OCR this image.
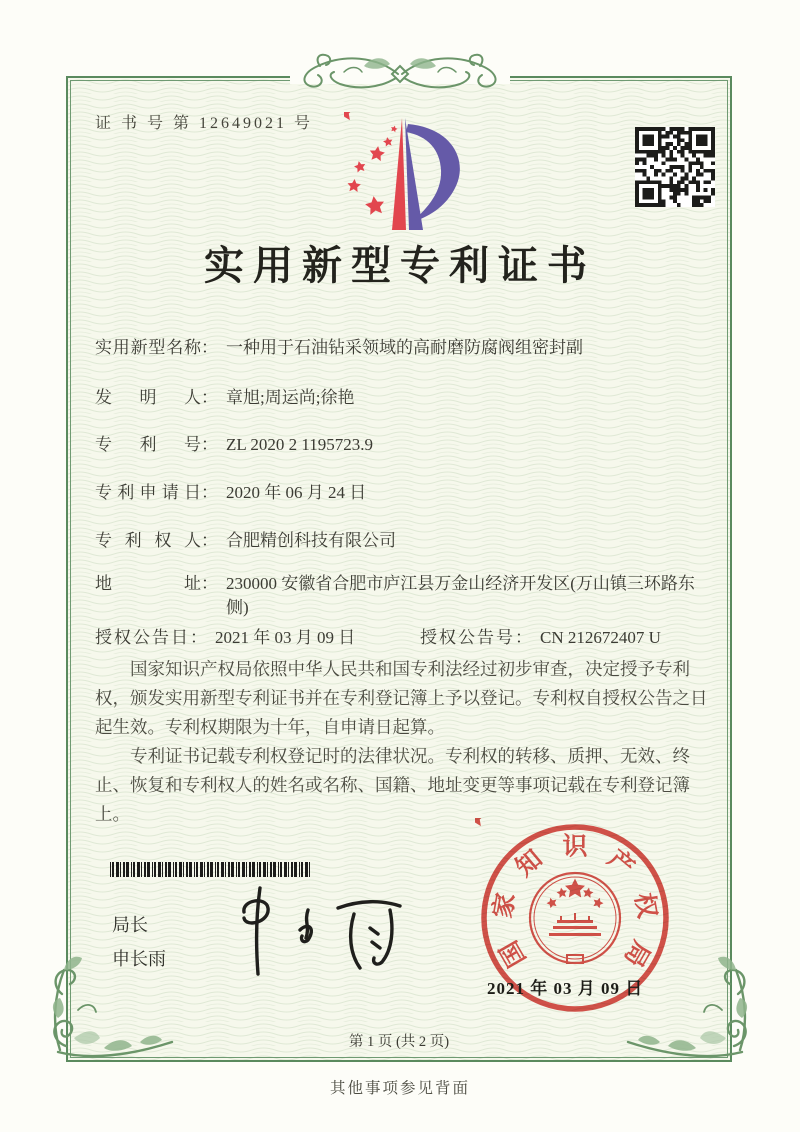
证 书 号 第 12649021 号
实用新型专利证书
实用新型名称 ： 一种用于石油钻采领域的高耐磨防腐阀组密封副
发明人 ： 章旭;周运尚;徐艳
专利号 ： ZL 2020 2 1195723.9
专利申请日 ： 2020 年 06 月 24 日
专利权人 ： 合肥精创科技有限公司
地址 ： 230000 安徽省合肥市庐江县万金山经济开发区(万山镇三环路东侧)
授权公告日 ： 2021 年 03 月 09 日	授权公告号 ： CN 212672407 U

国家知识产权局依照中华人民共和国专利法经过初步审查，决定授予专利权，颁发实用新型专利证书并在专利登记簿上予以登记。专利权自授权公告之日起生效。专利权期限为十年，自申请日起算。

专利证书记载专利权登记时的法律状况。专利权的转移、质押、无效、终止、恢复和专利权人的姓名或名称、国籍、地址变更等事项记载在专利登记簿上。

局长
申长雨	国
家
知 识 产
权
局
2021 年 03 月 09 日
第 1 页 (共 2 页)
其他事项参见背面
